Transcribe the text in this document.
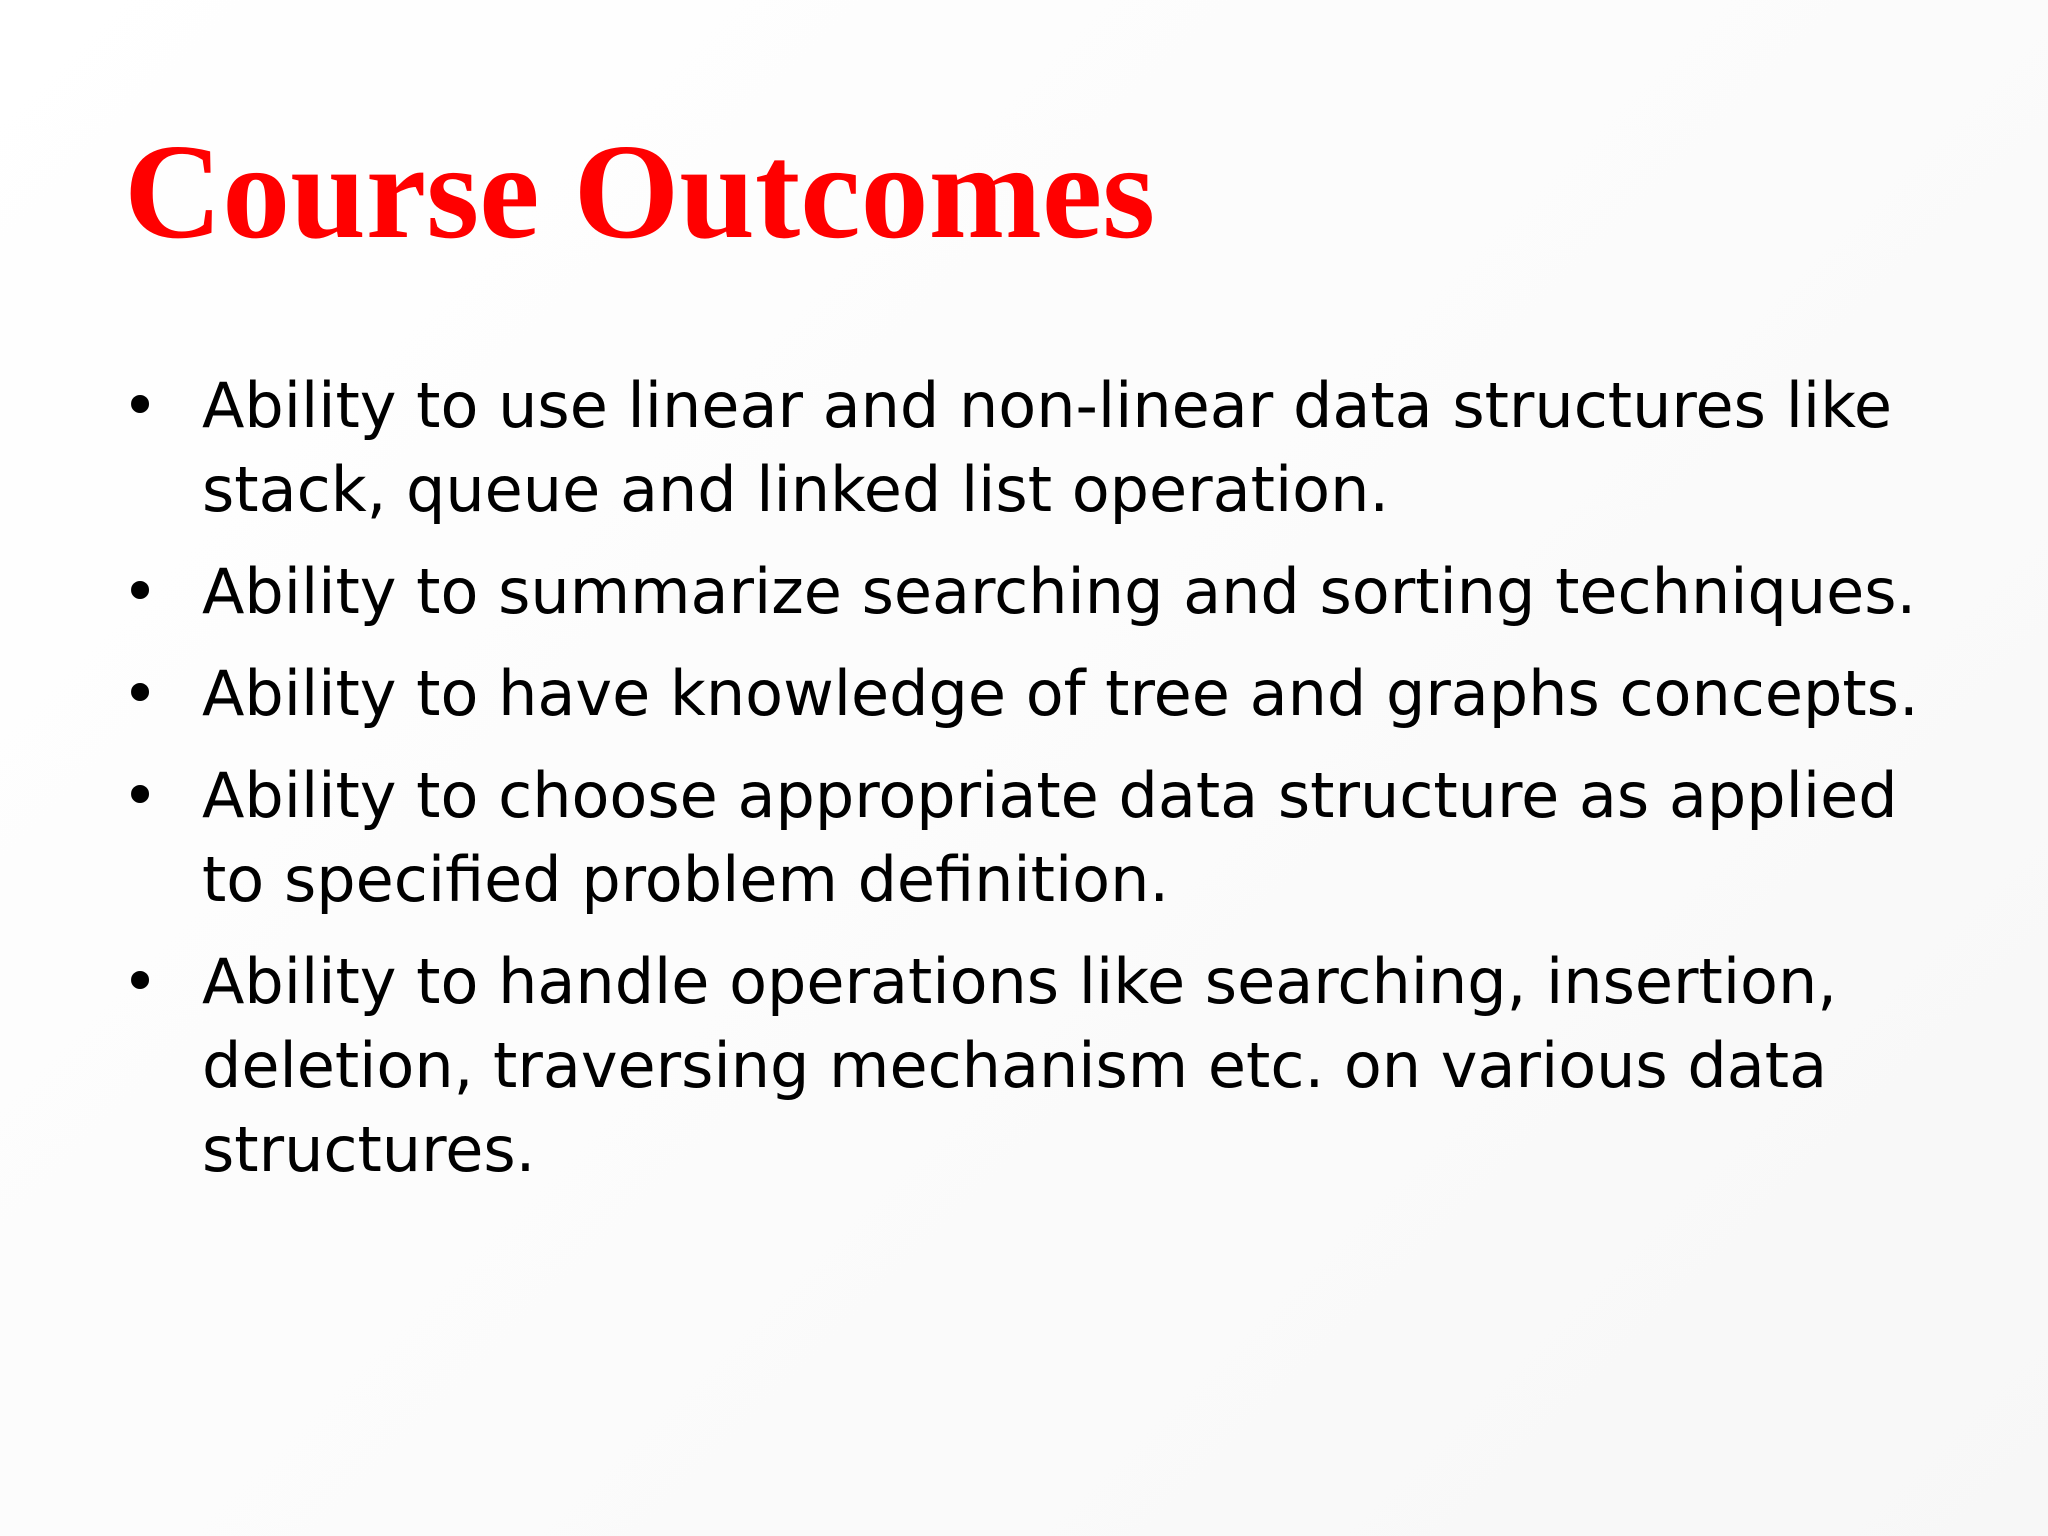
Course Outcomes
• Ability to use linear and non-linear data structures like stack, queue and linked list operation.
• Ability to summarize searching and sorting techniques.
• Ability to have knowledge of tree and graphs concepts.
• Ability to choose appropriate data structure as applied to specified problem definition.
• Ability to handle operations like searching, insertion, deletion, traversing mechanism etc. on various data structures.
